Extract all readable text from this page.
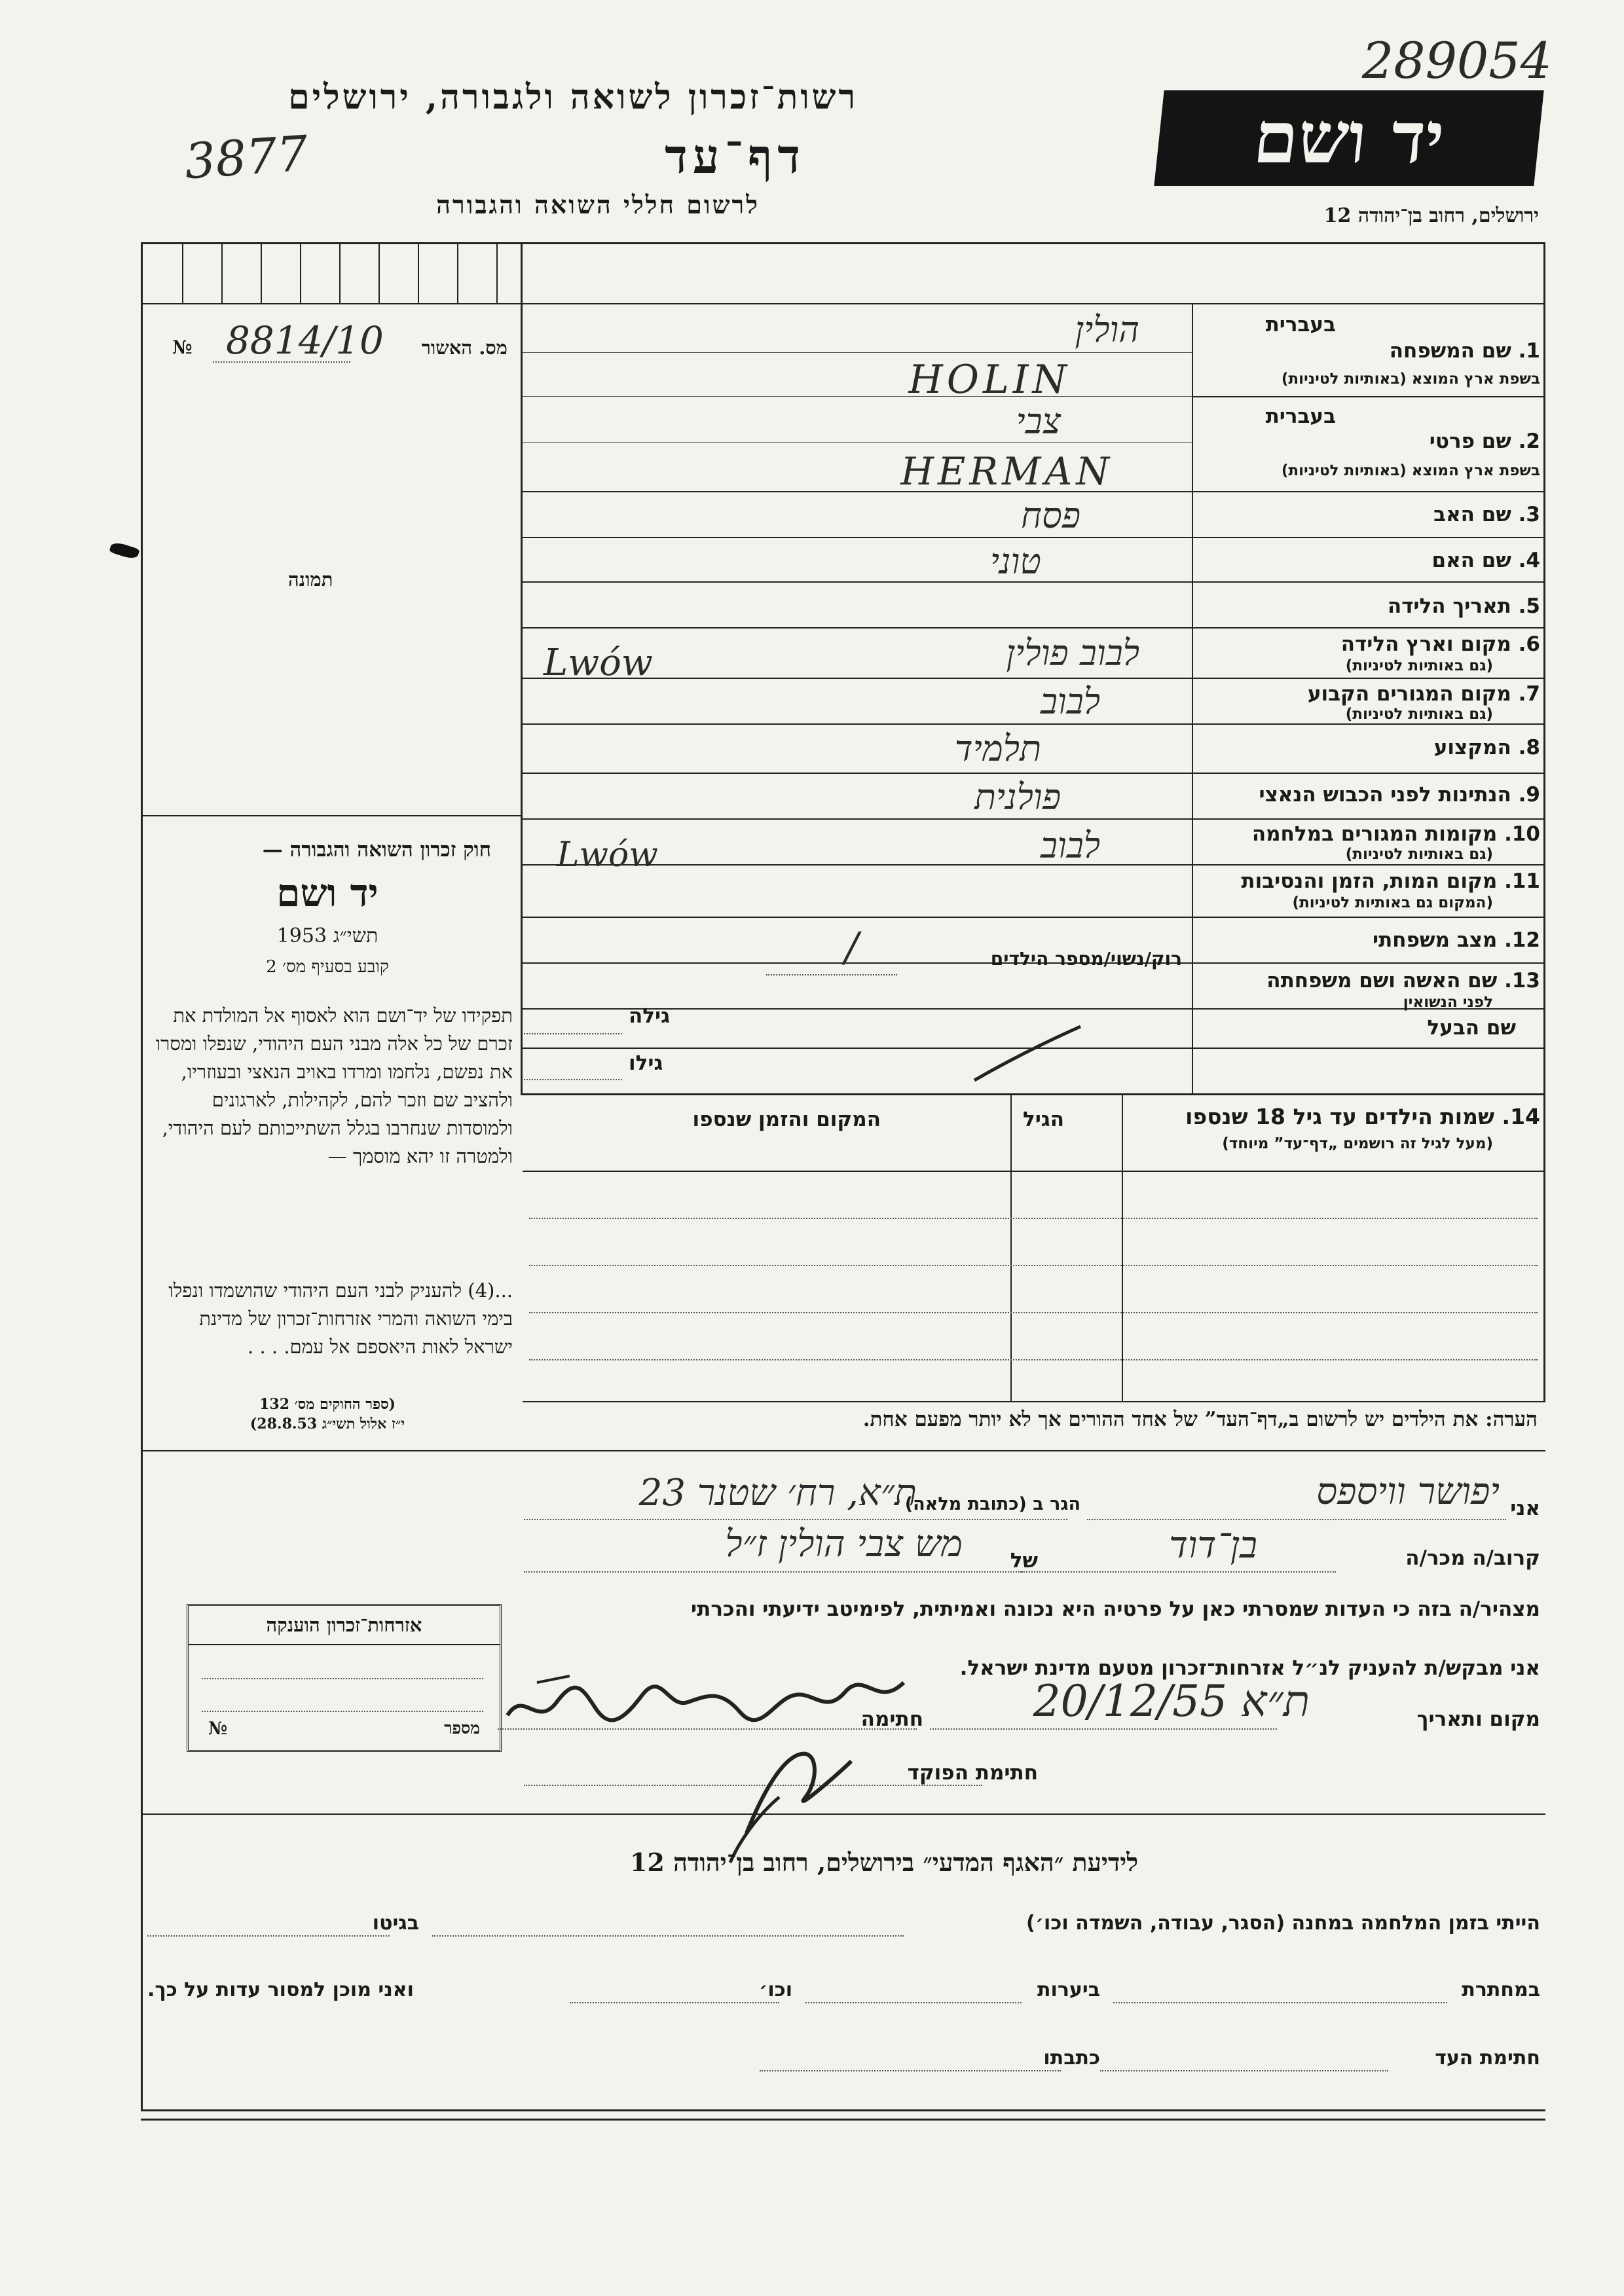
289054
רשות־זכרון לשואה ולגבורה, ירושלים
דף־עד
3877
לרשום חללי השואה והגבורה
יד ושם
ירושלים, רחוב בן־יהודה 12
№ 8814/10 מס. האשור
תמונה
בעברית
1. שם המשפחה
בשפת ארץ המוצא (באותיות לטיניות)
בעברית
2. שם פרטי
בשפת ארץ המוצא (באותיות לטיניות)
3. שם האב
4. שם האם
5. תאריך הלידה
6. מקום וארץ הלידה
(גם באותיות לטיניות)
7. מקום המגורים הקבוע
(גם באותיות לטיניות)
8. המקצוע
9. הנתינות לפני הכבוש הנאצי
10. מקומות המגורים במלחמה
(גם באותיות לטיניות)
11. מקום המות, הזמן והנסיבות
(המקום גם באותיות לטיניות)
12. מצב משפחתי
13. שם האשה ושם משפחתה
לפני הנשואין
שם הבעל
הולין
HOLIN
צבי
HERMAN
פסח
טוני
לבוב פולין
Lwów
לבוב
תלמיד
פולנית
לבוב
Lwów
רוק/נשוי/מספר הילדים
/
גילה
גילו
חוק זכרון השואה והגבורה —
יד ושם
תשי״ג 1953
קובע בסעיף מס׳ 2
תפקידו של יד־ושם הוא לאסוף אל המולדת את זכרם של כל אלה מבני העם היהודי, שנפלו ומסרו את נפשם, נלחמו ומרדו באויב הנאצי ובעוזריו, ולהציב שם וזכר להם, לקהילות, לארגונים ולמוסדות שנחרבו בגלל השתייכותם לעם היהודי, ולמטרה זו יהא מוסמך —
...(4) להעניק לבני העם היהודי שהושמדו ונפלו בימי השואה והמרי אזרחות־זכרון של מדינת ישראל לאות היאספם אל עמם. . . .
(ספר החוקים מס׳ 132
י״ז אלול תשי״ג 28.8.53)
14. שמות הילדים עד גיל 18 שנספו
(מעל לגיל זה רושמים „דף־עד” מיוחד)
הגיל
המקום והזמן שנספו
הערה: את הילדים יש לרשום ב„דף־העד” של אחד ההורים אך לא יותר מפעם אחת.
אני
יפושר וויספס
הגר ב (כתובת מלאה)
ת״א, רח׳ שטנר 23
קרוב/ה מכר/ה
בן־דוד
של
מש צבי הולין ז״ל
מצהיר/ה בזה כי העדות שמסרתי כאן על פרטיה היא נכונה ואמיתית, לפימיטב ידיעתי והכרתי
אני מבקש/ת להעניק לנ״ל אזרחות־זכרון מטעם מדינת ישראל.
מקום ותאריך
ת״א 20/12/55
חתימה
חתימת הפוקד
אזרחות־זכרון הוענקה
№	מספר
לידיעת ״האגף המדעי״ בירושלים, רחוב בן־יהודה 12
הייתי בזמן המלחמה במחנה (הסגר, עבודה, השמדה וכו׳)
בגיטו
במחתרת
ביערות
וכו׳
ואני מוכן למסור עדות על כך.
חתימת העד
כתבתו
